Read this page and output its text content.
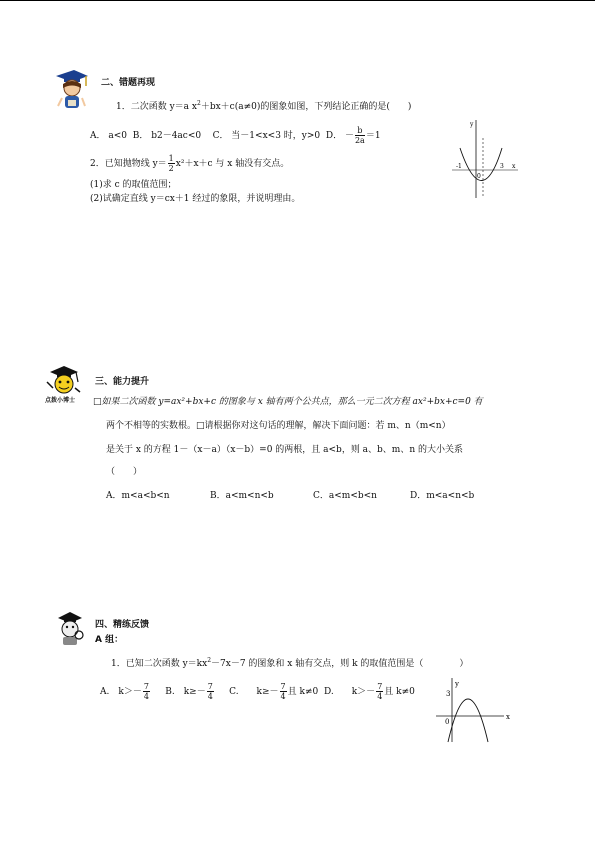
二、错题再现
1．二次函数 y＝a $x^2+bx+c(a\ne 0)$的图象如图，下列结论正确的是(　　)
A． a<0 B． b2－4ac<0 C． 当－1<x<3 时，y>0 D． － $\frac{b}{2a} =1$
2．已知抛物线 $y= \frac{1}{2} x^2+x+c$ 与 x 轴没有交点。
(1)求 c 的取值范围；
(2)试确定直线 y＝cx＋1 经过的象限，并说明理由。
y
x
-1
0
3
点拨小博士
三、能力提升
□如果二次函数 y=ax²+bx+c 的图象与 x 轴有两个公共点，那么一元二次方程 ax²+bx+c=0 有
两个不相等的实数根。□请根据你对这句话的理解，解决下面问题：若 m、n（m<n）
是关于 x 的方程 1－（x－a）（x－b）=0 的两根，且 a<b，则 a、b、m、n 的大小关系
（　　）
A．m<a<b<n	B．a<m<n<b	C．a<m<b<n	D．m<a<n<b
四、精练反馈
A 组：
1．已知二次函数 $y=kx^2-7x-7$ 的图象和 x 轴有交点，则 k 的取值范围是（　　　　）
A.　$k>- \frac{7}{4} B$.　$k\ge- \frac{7}{4} C$.　　$k\ge- \frac{7}{4}$ 且 k≠0 D.　　$k>- \frac{7}{4}$ 且 k≠0
y
x
3
0
